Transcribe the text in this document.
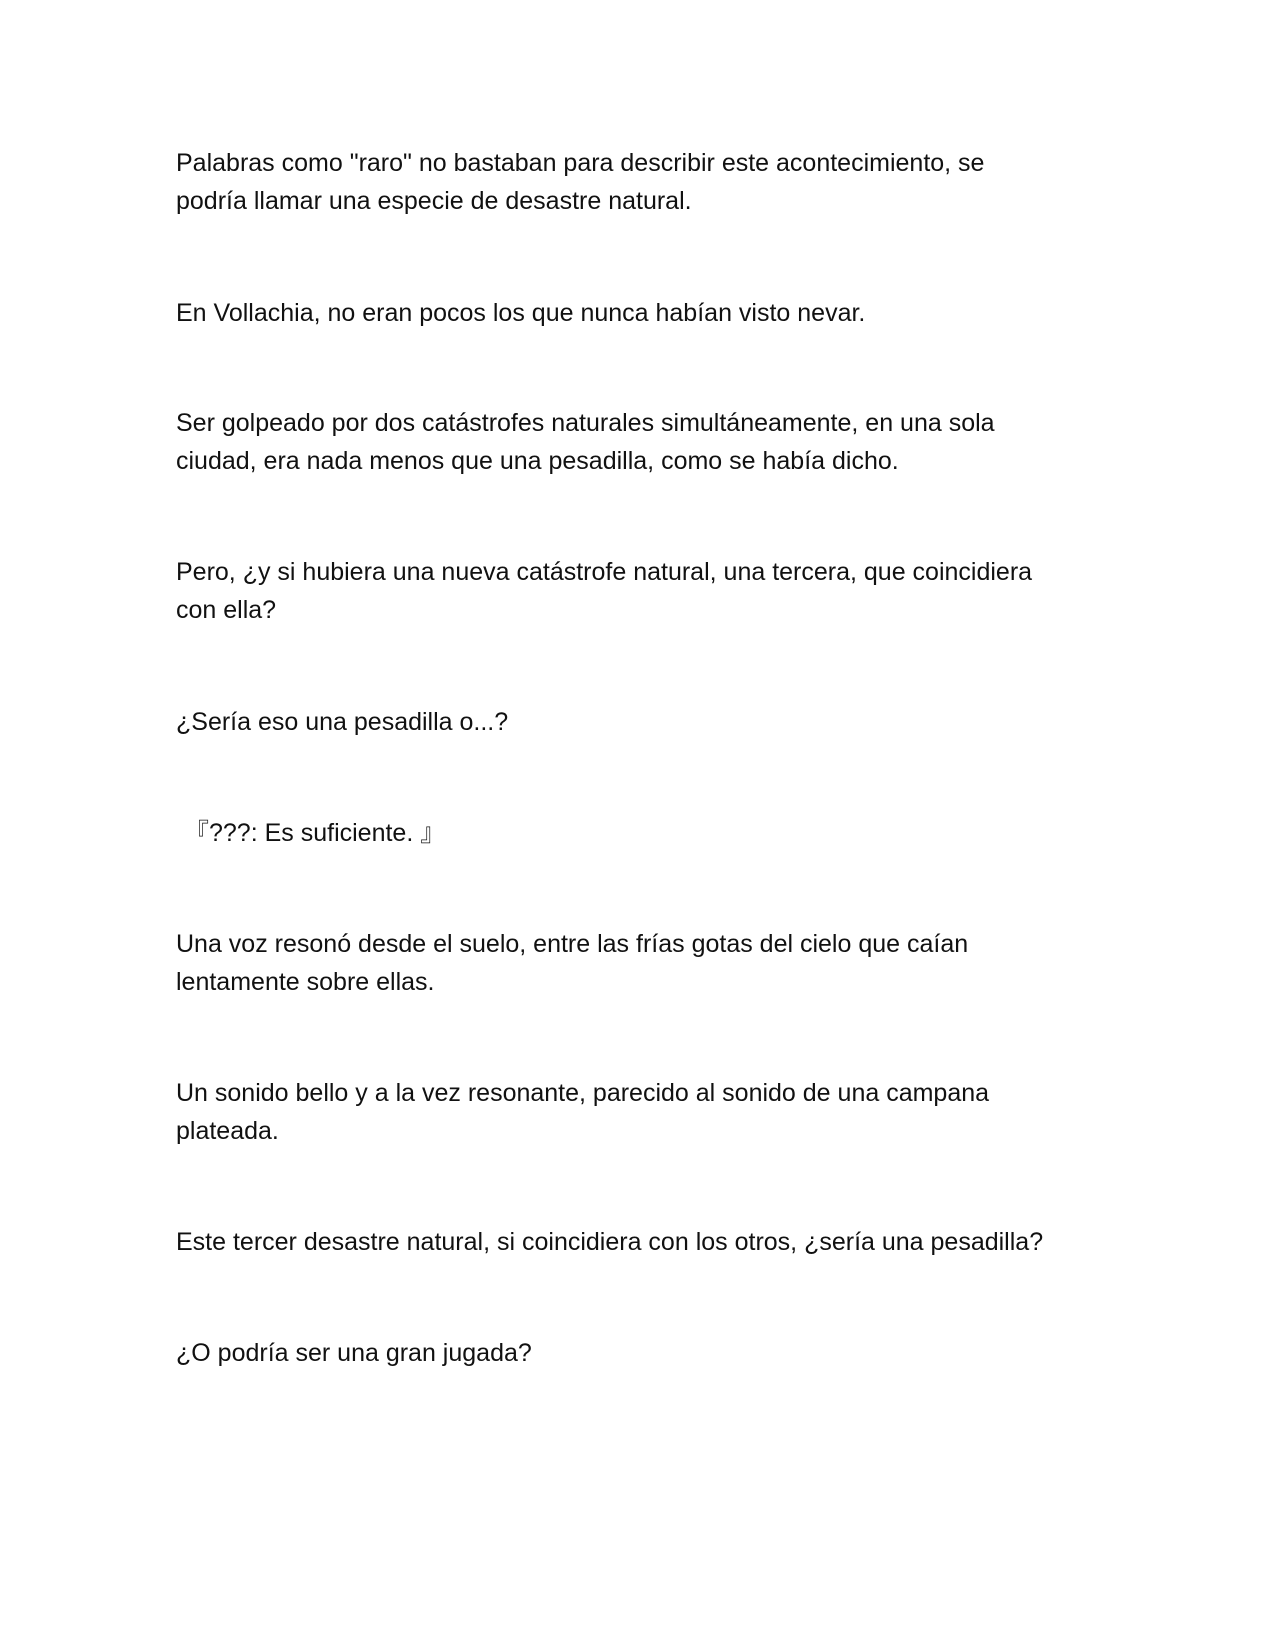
Palabras como "raro" no bastaban para describir este acontecimiento, se
podría llamar una especie de desastre natural.

En Vollachia, no eran pocos los que nunca habían visto nevar.

Ser golpeado por dos catástrofes naturales simultáneamente, en una sola
ciudad, era nada menos que una pesadilla, como se había dicho.

Pero, ¿y si hubiera una nueva catástrofe natural, una tercera, que coincidiera
con ella?

¿Sería eso una pesadilla o...?

『???: Es suficiente. 』

Una voz resonó desde el suelo, entre las frías gotas del cielo que caían
lentamente sobre ellas.

Un sonido bello y a la vez resonante, parecido al sonido de una campana
plateada.

Este tercer desastre natural, si coincidiera con los otros, ¿sería una pesadilla?

¿O podría ser una gran jugada?
